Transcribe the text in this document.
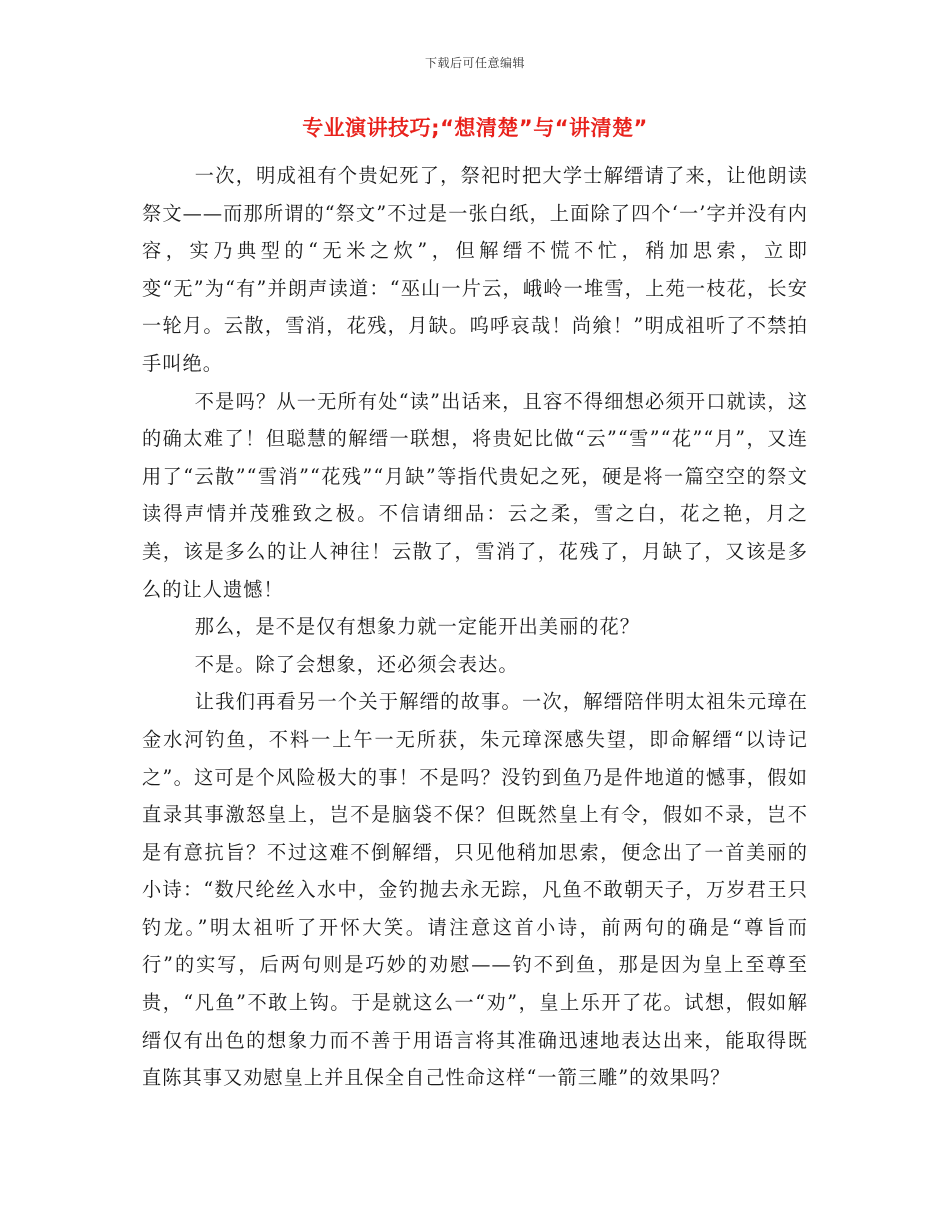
下载后可任意编辑
专业演讲技巧;“想清楚”与“讲清楚”

一次，明成祖有个贵妃死了，祭祀时把大学士解缙请了来，让他朗读祭文——而那所谓的“祭文”不过是一张白纸，上面除了四个‘一’字并没有内容，实乃典型的“无米之炊”，但解缙不慌不忙，稍加思索，立即变“无”为“有”并朗声读道：“巫山一片云，峨岭一堆雪，上苑一枝花，长安一轮月。云散，雪消，花残，月缺。呜呼哀哉！尚飨！”明成祖听了不禁拍手叫绝。

不是吗？从一无所有处“读”出话来，且容不得细想必须开口就读，这的确太难了！但聪慧的解缙一联想，将贵妃比做“云”“雪”“花”“月”，又连用了“云散”“雪消”“花残”“月缺”等指代贵妃之死，硬是将一篇空空的祭文读得声情并茂雅致之极。不信请细品：云之柔，雪之白，花之艳，月之美，该是多么的让人神往！云散了，雪消了，花残了，月缺了，又该是多么的让人遗憾！

那么，是不是仅有想象力就一定能开出美丽的花？

不是。除了会想象，还必须会表达。

让我们再看另一个关于解缙的故事。一次，解缙陪伴明太祖朱元璋在金水河钓鱼，不料一上午一无所获，朱元璋深感失望，即命解缙“以诗记之”。这可是个风险极大的事！不是吗？没钓到鱼乃是件地道的憾事，假如直录其事激怒皇上，岂不是脑袋不保？但既然皇上有令，假如不录，岂不是有意抗旨？不过这难不倒解缙，只见他稍加思索，便念出了一首美丽的小诗：“数尺纶丝入水中，金钓抛去永无踪，凡鱼不敢朝天子，万岁君王只钓龙。”明太祖听了开怀大笑。请注意这首小诗，前两句的确是“尊旨而行”的实写，后两句则是巧妙的劝慰——钓不到鱼，那是因为皇上至尊至贵，“凡鱼”不敢上钩。于是就这么一“劝”，皇上乐开了花。试想，假如解缙仅有出色的想象力而不善于用语言将其准确迅速地表达出来，能取得既直陈其事又劝慰皇上并且保全自己性命这样“一箭三雕”的效果吗？
